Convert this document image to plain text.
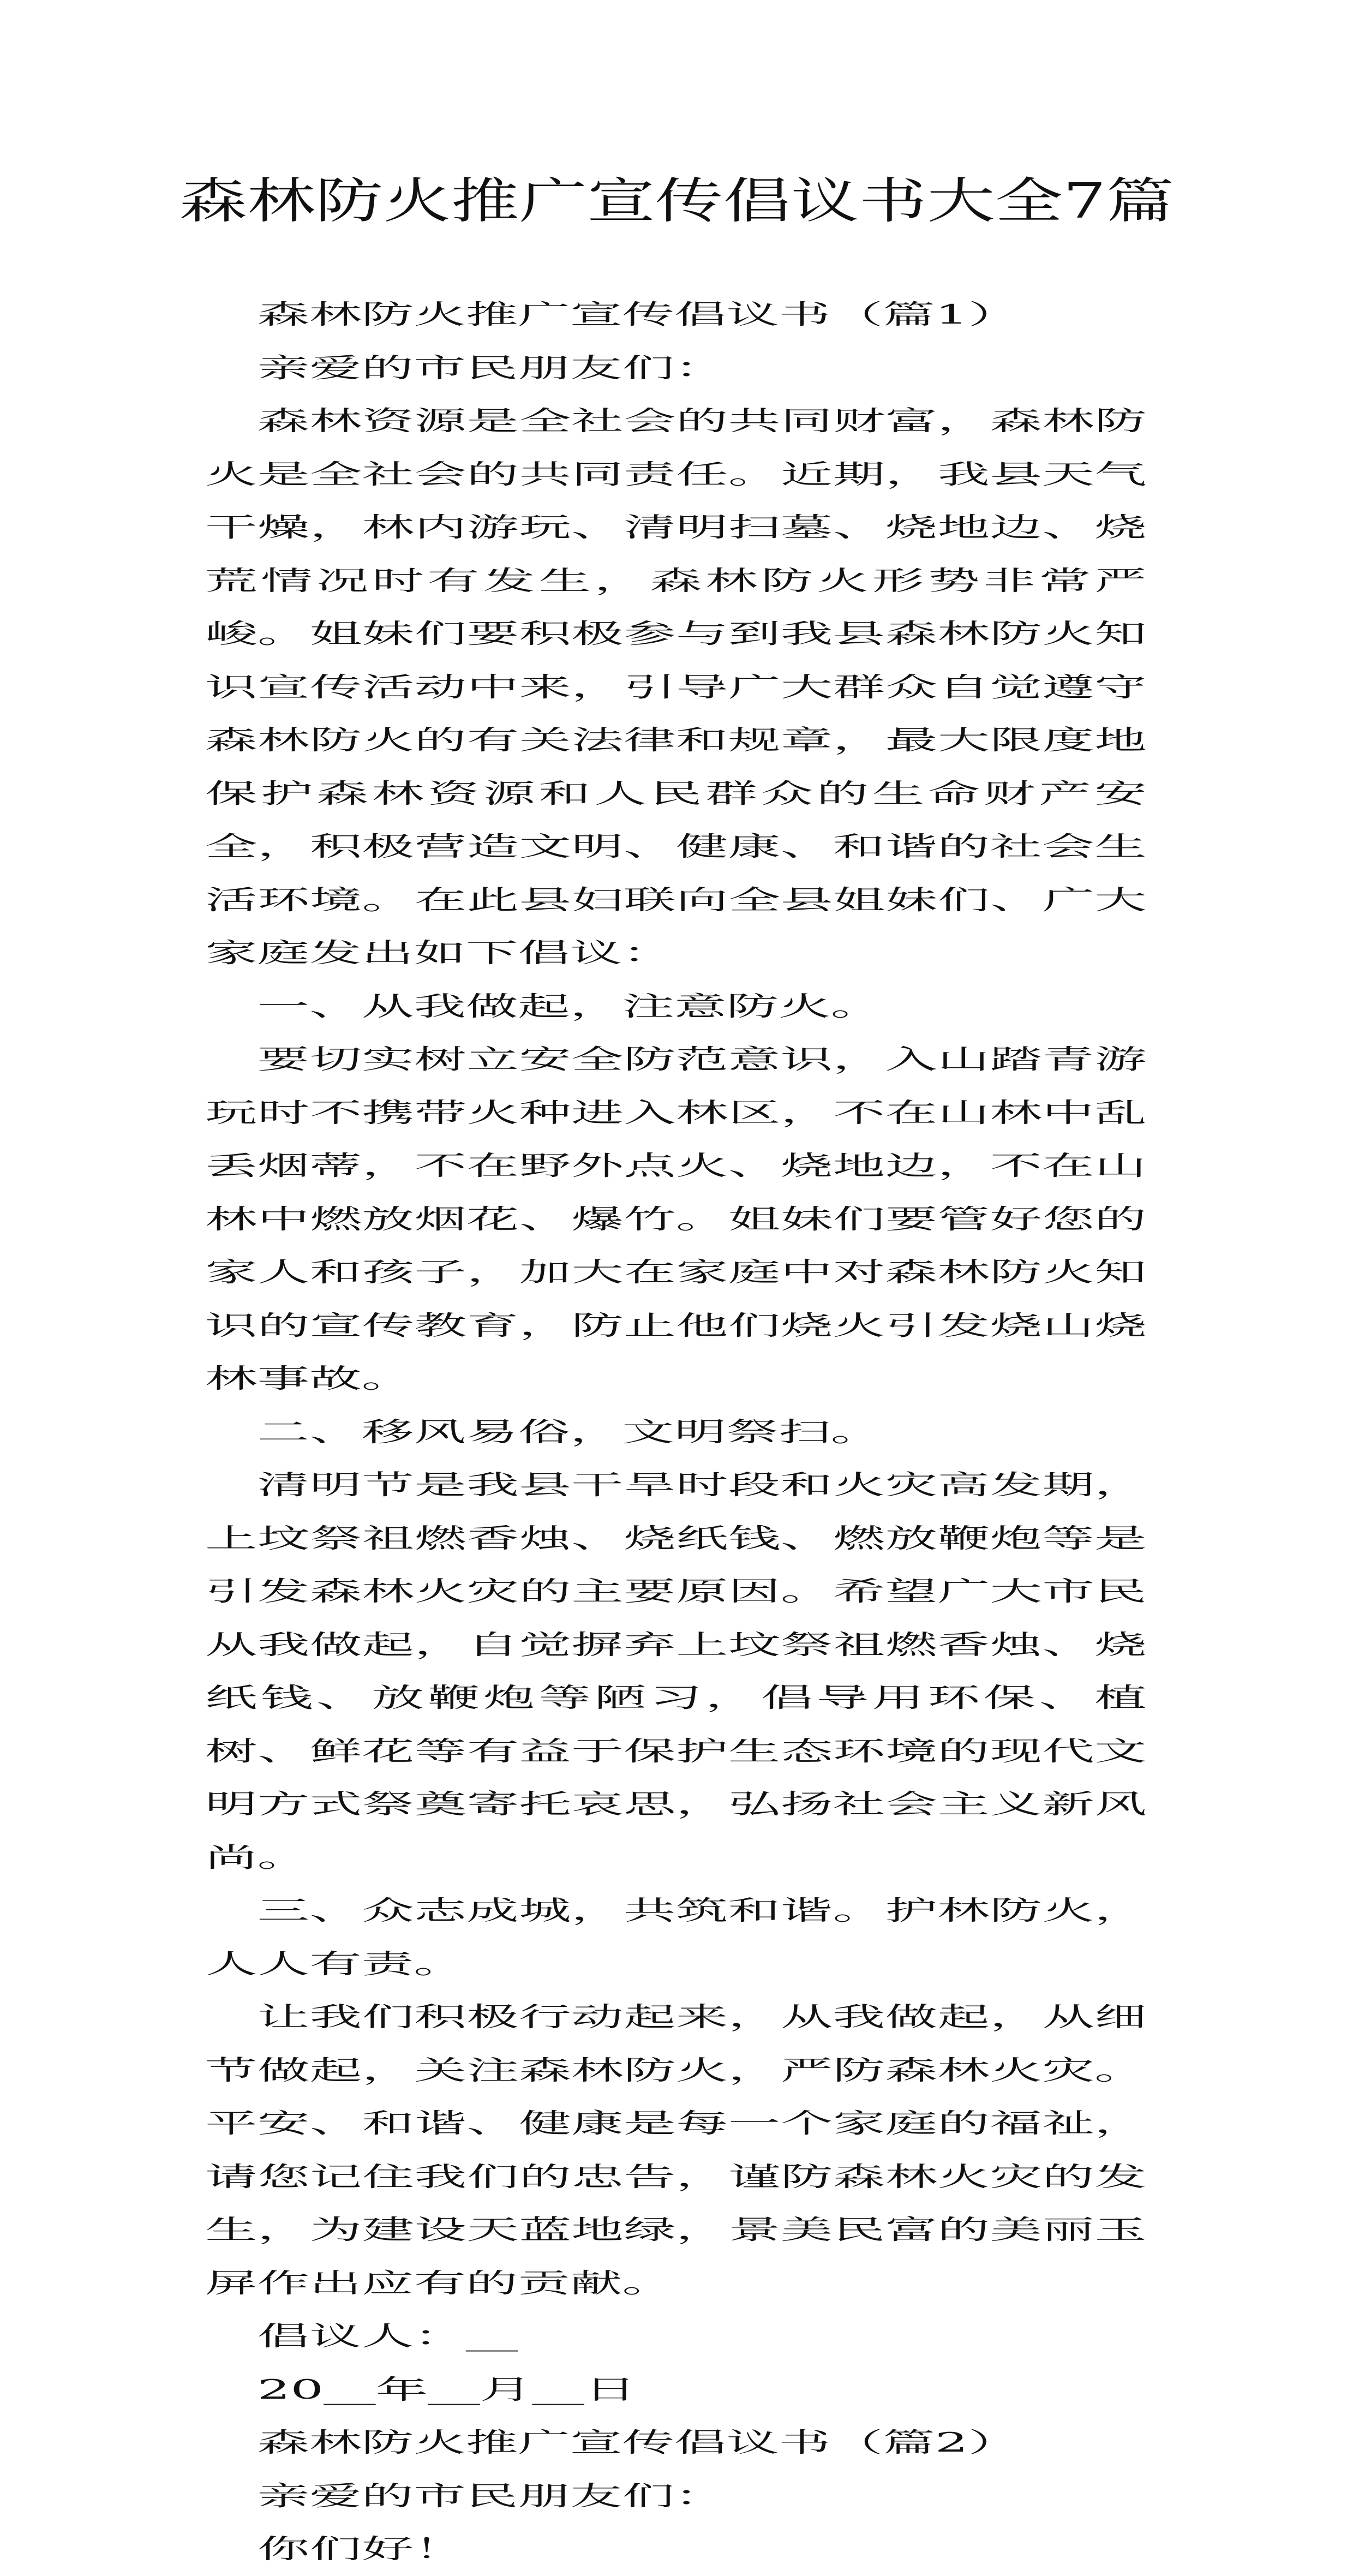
森林防火推广宣传倡议书大全7篇

森林防火推广宣传倡议书（篇1）

亲爱的市民朋友们：

森林资源是全社会的共同财富，森林防火是全社会的共同责任。近期，我县天气干燥，林内游玩、清明扫墓、烧地边、烧荒情况时有发生，森林防火形势非常严峻。姐妹们要积极参与到我县森林防火知识宣传活动中来，引导广大群众自觉遵守森林防火的有关法律和规章，最大限度地保护森林资源和人民群众的生命财产安全，积极营造文明、健康、和谐的社会生活环境。在此县妇联向全县姐妹们、广大家庭发出如下倡议：

一、从我做起，注意防火。

要切实树立安全防范意识，入山踏青游玩时不携带火种进入林区，不在山林中乱丢烟蒂，不在野外点火、烧地边，不在山林中燃放烟花、爆竹。姐妹们要管好您的家人和孩子，加大在家庭中对森林防火知识的宣传教育，防止他们烧火引发烧山烧林事故。

二、移风易俗，文明祭扫。

清明节是我县干旱时段和火灾高发期，上坟祭祖燃香烛、烧纸钱、燃放鞭炮等是引发森林火灾的主要原因。希望广大市民从我做起，自觉摒弃上坟祭祖燃香烛、烧纸钱、放鞭炮等陋习，倡导用环保、植树、鲜花等有益于保护生态环境的现代文明方式祭奠寄托哀思，弘扬社会主义新风尚。

三、众志成城，共筑和谐。护林防火，人人有责。

让我们积极行动起来，从我做起，从细节做起，关注森林防火，严防森林火灾。平安、和谐、健康是每一个家庭的福祉，请您记住我们的忠告，谨防森林火灾的发生，为建设天蓝地绿，景美民富的美丽玉屏作出应有的贡献。

倡议人：__

20__年__月__日

森林防火推广宣传倡议书（篇2）

亲爱的市民朋友们：

你们好！
